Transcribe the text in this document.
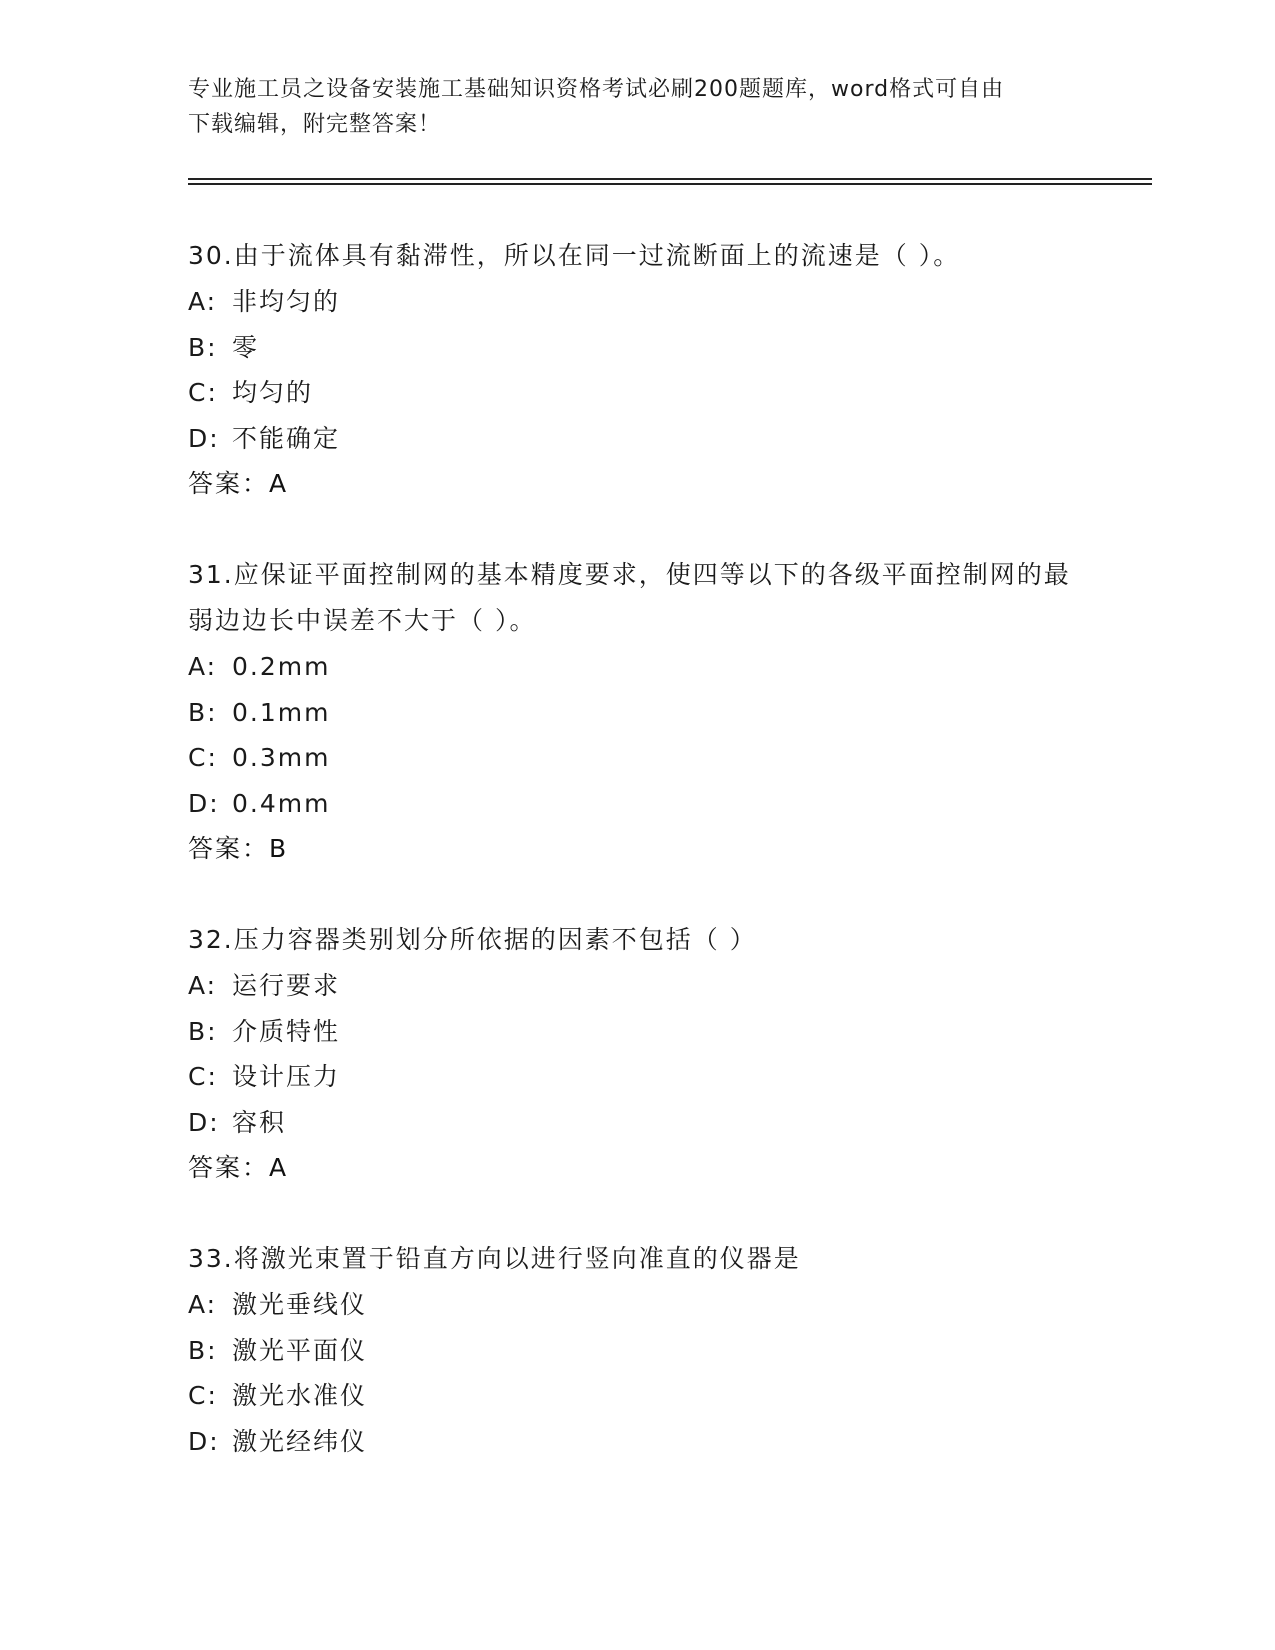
专业施工员之设备安装施工基础知识资格考试必刷200题题库，word格式可自由
下载编辑，附完整答案！

30.由于流体具有黏滞性，所以在同一过流断面上的流速是（ ）。

A: 非均匀的
B: 零
C: 均匀的
D: 不能确定
答案：A

31.应保证平面控制网的基本精度要求，使四等以下的各级平面控制网的最弱边边长中误差不大于（ ）。

A: 0.2mm
B: 0.1mm
C: 0.3mm
D: 0.4mm
答案：B

32.压力容器类别划分所依据的因素不包括（ ）

A: 运行要求
B: 介质特性
C: 设计压力
D: 容积
答案：A

33.将激光束置于铅直方向以进行竖向准直的仪器是

A: 激光垂线仪
B: 激光平面仪
C: 激光水准仪
D: 激光经纬仪
